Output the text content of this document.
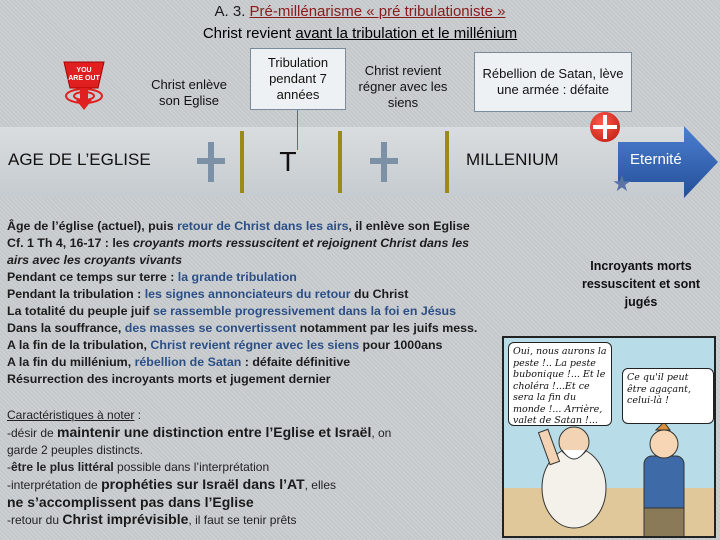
A. 3. Pré-millénarisme « pré tribulationiste »
Christ revient avant la tribulation et le millénium
YOU
ARE OUT	Christ enlève son Eglise
Tribulation pendant 7 années
Christ revient régner avec les siens
Rébellion de Satan, lève une armée : défaite
★
AGE DE L’EGLISE	T	MILLENIUM	Eternité
Âge de l’église (actuel), puis retour de Christ dans les airs, il enlève son Eglise
Cf. 1 Th 4, 16-17 : les croyants morts ressuscitent et rejoignent Christ dans les
airs avec les croyants vivants
Pendant ce temps sur terre : la grande tribulation
Pendant la tribulation : les signes annonciateurs du retour du Christ
La totalité du peuple juif se rassemble progressivement dans la foi en Jésus
Dans la souffrance, des masses se convertissent notamment par les juifs mess.
A la fin de la tribulation, Christ revient régner avec les siens pour 1000ans
A la fin du millénium, rébellion de Satan : défaite définitive
Résurrection des incroyants morts et jugement dernier
Incroyants morts ressuscitent et sont jugés
Caractéristiques à noter :
-désir de maintenir une distinction entre l’Eglise et Israël, on garde 2 peuples distincts.
-être le plus littéral possible dans l’interprétation
-interprétation de prophéties sur Israël dans l’AT, elles
ne s’accomplissent pas dans l’Eglise
-retour du Christ imprévisible, il faut se tenir prêts
Oui, nous aurons la peste !.. La peste bubonique !... Et le choléra !...Et ce sera la fin du monde !... Arrière, valet de Satan !...
Ce qu'il peut être agaçant, celui-là !
